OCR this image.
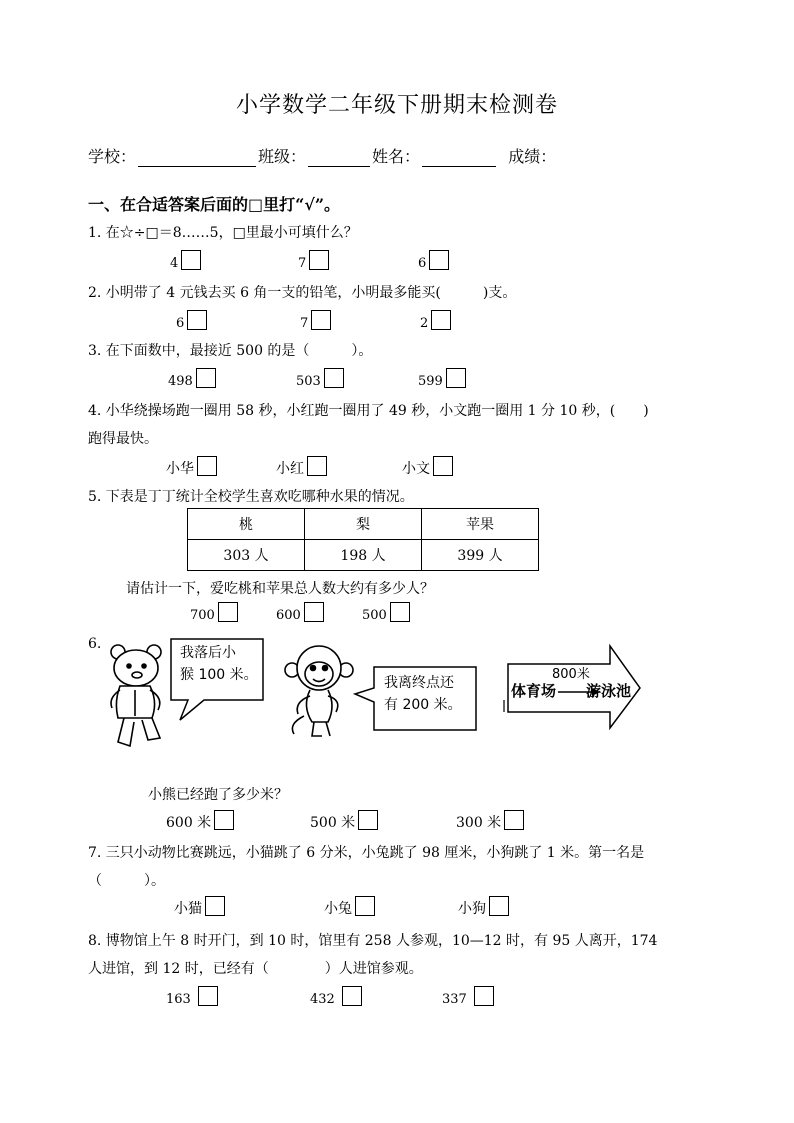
小学数学二年级下册期末检测卷
学校：	班级：	姓名：	成绩：
一、在合适答案后面的□里打“√”。
1. 在☆÷□＝8……5，□里最小可填什么？
4	7	6
2. 小明带了 4 元钱去买 6 角一支的铅笔，小明最多能买(　　　)支。
6	7	2
3. 在下面数中，最接近 500 的是（　　　）。
498	503	599
4. 小华绕操场跑一圈用 58 秒，小红跑一圈用了 49 秒，小文跑一圈用 1 分 10 秒，(　　)
跑得最快。
小华	小红	小文
5. 下表是丁丁统计全校学生喜欢吃哪种水果的情况。
桃	梨	苹果
303 人	198 人	399 人
请估计一下，爱吃桃和苹果总人数大约有多少人？
700	600	500
6.
我落后小
猴 100 米。	我离终点还
有 200 米。
体育场
800米
游泳池
小熊已经跑了多少米？
600 米	500 米	300 米
7. 三只小动物比赛跳远，小猫跳了 6 分米，小兔跳了 98 厘米，小狗跳了 1 米。第一名是
（　　　）。
小猫	小兔	小狗
8. 博物馆上午 8 时开门，到 10 时，馆里有 258 人参观，10—12 时，有 95 人离开，174
人进馆，到 12 时，已经有（　　　　）人进馆参观。
163	432	337
